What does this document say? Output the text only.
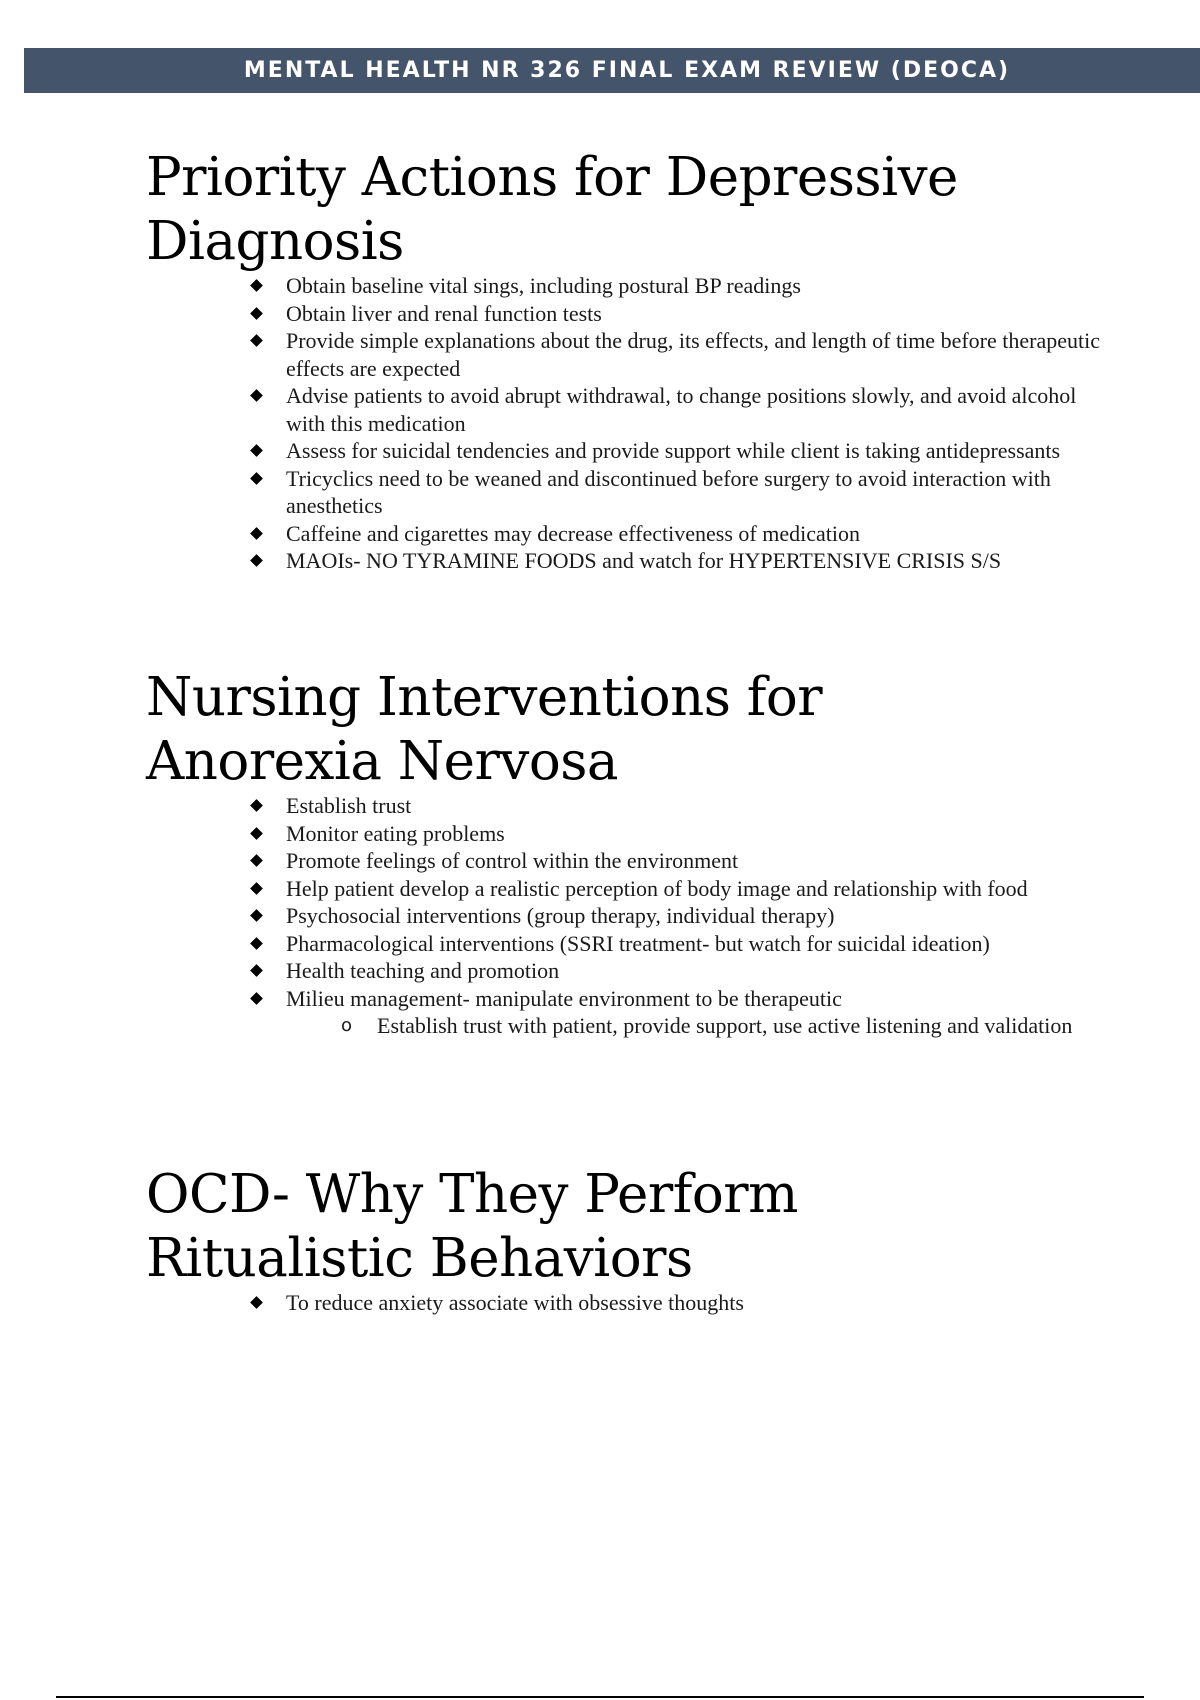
MENTAL HEALTH NR 326 FINAL EXAM REVIEW (DEOCA)
Priority Actions for Depressive Diagnosis
Obtain baseline vital sings, including postural BP readings
Obtain liver and renal function tests
Provide simple explanations about the drug, its effects, and length of time before therapeutic effects are expected
Advise patients to avoid abrupt withdrawal, to change positions slowly, and avoid alcohol with this medication
Assess for suicidal tendencies and provide support while client is taking antidepressants
Tricyclics need to be weaned and discontinued before surgery to avoid interaction with anesthetics
Caffeine and cigarettes may decrease effectiveness of medication
MAOIs- NO TYRAMINE FOODS and watch for HYPERTENSIVE CRISIS S/S
Nursing Interventions for Anorexia Nervosa
Establish trust
Monitor eating problems
Promote feelings of control within the environment
Help patient develop a realistic perception of body image and relationship with food
Psychosocial interventions (group therapy, individual therapy)
Pharmacological interventions (SSRI treatment- but watch for suicidal ideation)
Health teaching and promotion
Milieu management- manipulate environment to be therapeutic
o Establish trust with patient, provide support, use active listening and validation
OCD- Why They Perform Ritualistic Behaviors
To reduce anxiety associate with obsessive thoughts
